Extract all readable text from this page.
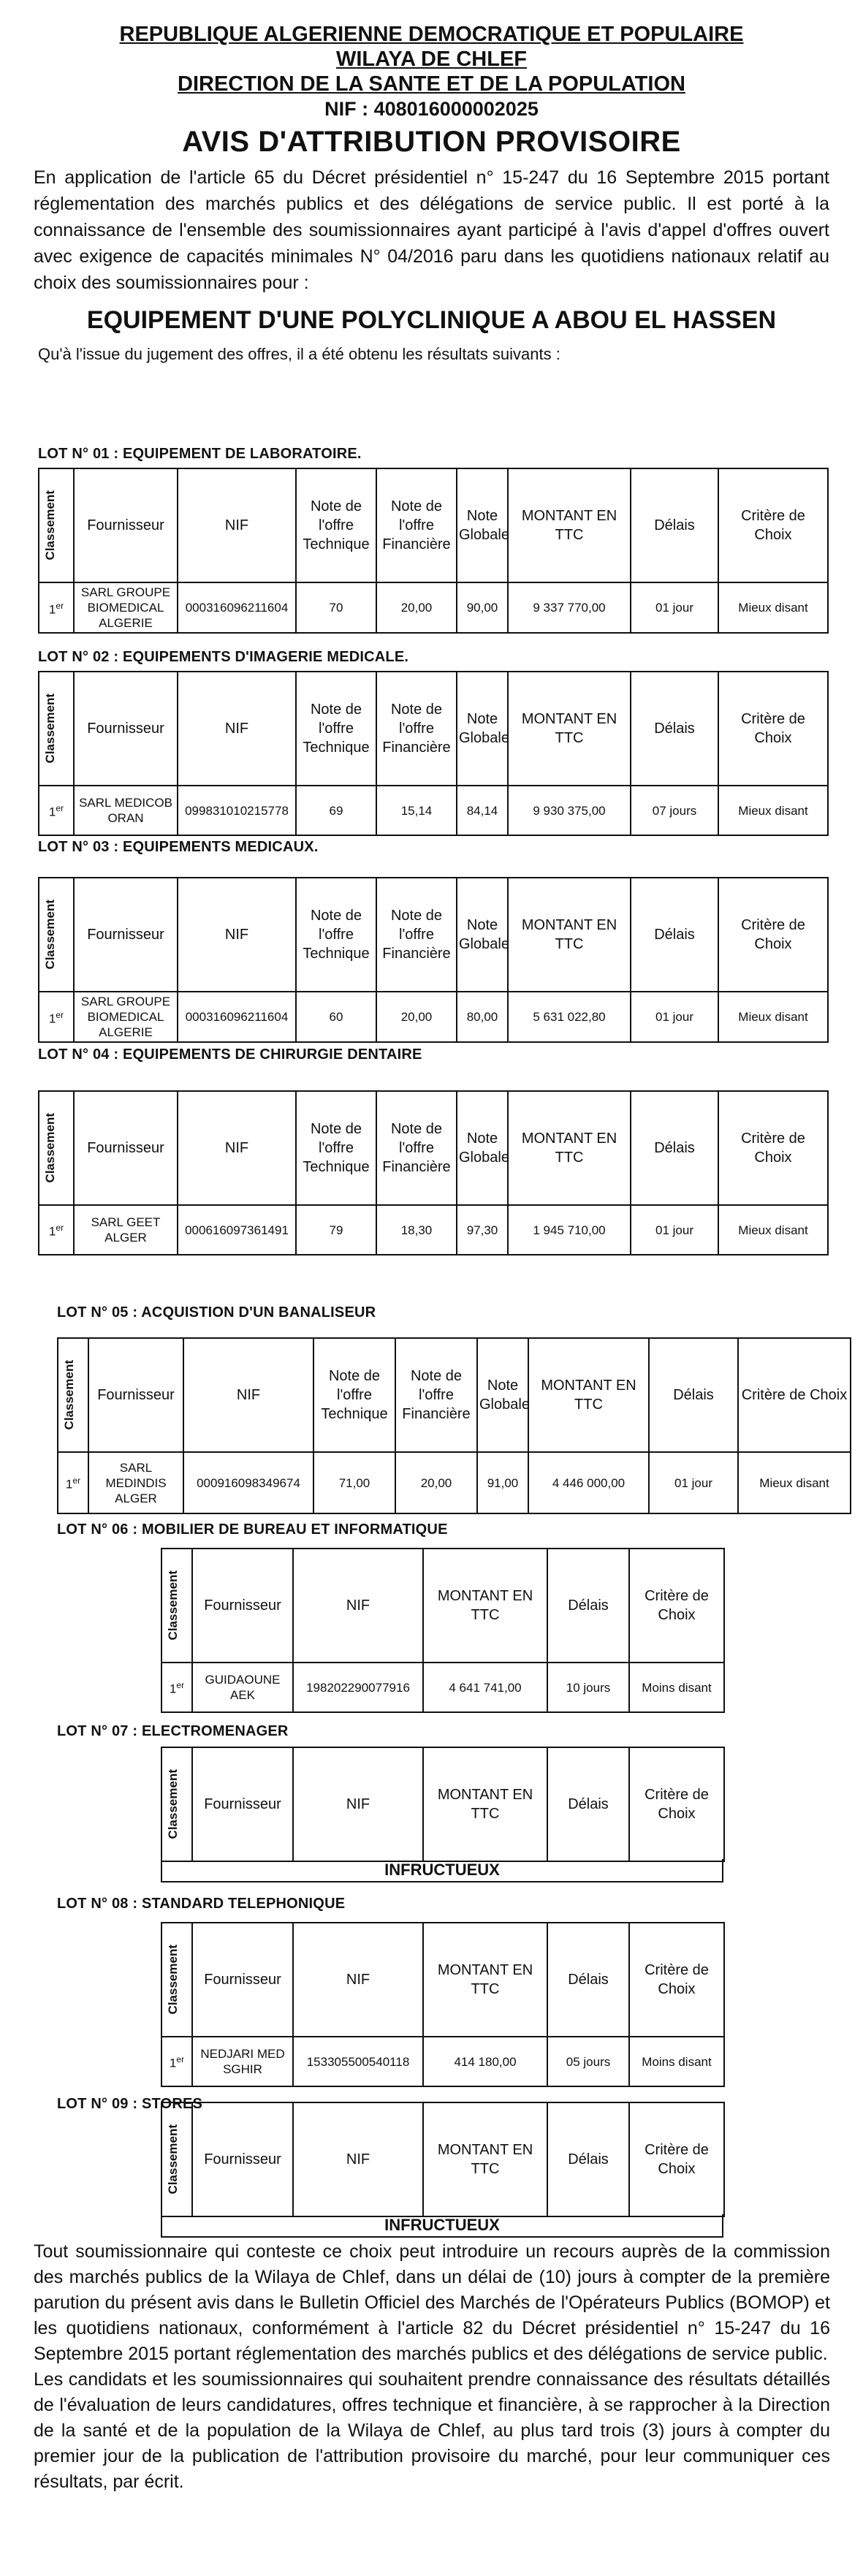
REPUBLIQUE ALGERIENNE DEMOCRATIQUE ET POPULAIRE
WILAYA DE CHLEF
DIRECTION DE LA SANTE ET DE LA POPULATION
NIF : 408016000002025
AVIS D'ATTRIBUTION PROVISOIRE
En application de l'article 65 du Décret présidentiel n° 15-247 du 16 Septembre 2015 portant réglementation des marchés publics et des délégations de service public. Il est porté à la connaissance de l'ensemble des soumissionnaires ayant participé à l'avis d'appel d'offres ouvert avec exigence de capacités minimales N° 04/2016 paru dans les quotidiens nationaux relatif au choix des soumissionnaires pour :
EQUIPEMENT D'UNE POLYCLINIQUE A ABOU EL HASSEN
Qu'à l'issue du jugement des offres, il a été obtenu les résultats suivants :
LOT N° 01 : EQUIPEMENT DE LABORATOIRE.
Classement	Fournisseur	NIF	Note de l'offre Technique	Note de l'offre Financière	Note Globale	MONTANT EN TTC	Délais	Critère de Choix
1er	SARL GROUPE BIOMEDICAL ALGERIE	000316096211604	70	20,00	90,00	9 337 770,00	01 jour	Mieux disant
LOT N° 02 : EQUIPEMENTS D'IMAGERIE MEDICALE.
Classement	Fournisseur	NIF	Note de l'offre Technique	Note de l'offre Financière	Note Globale	MONTANT EN TTC	Délais	Critère de Choix
1er	SARL MEDICOB ORAN	099831010215778	69	15,14	84,14	9 930 375,00	07 jours	Mieux disant
LOT N° 03 : EQUIPEMENTS MEDICAUX.
Classement	Fournisseur	NIF	Note de l'offre Technique	Note de l'offre Financière	Note Globale	MONTANT EN TTC	Délais	Critère de Choix
1er	SARL GROUPE BIOMEDICAL ALGERIE	000316096211604	60	20,00	80,00	5 631 022,80	01 jour	Mieux disant
LOT N° 04 : EQUIPEMENTS DE CHIRURGIE DENTAIRE
Classement	Fournisseur	NIF	Note de l'offre Technique	Note de l'offre Financière	Note Globale	MONTANT EN TTC	Délais	Critère de Choix
1er	SARL GEET ALGER	000616097361491	79	18,30	97,30	1 945 710,00	01 jour	Mieux disant
LOT N° 05 : ACQUISTION D'UN BANALISEUR
Classement	Fournisseur	NIF	Note de l'offre Technique	Note de l'offre Financière	Note Globale	MONTANT EN TTC	Délais	Critère de Choix
1er	SARL MEDINDIS ALGER	000916098349674	71,00	20,00	91,00	4 446 000,00	01 jour	Mieux disant
LOT N° 06 : MOBILIER DE BUREAU ET INFORMATIQUE
Classement	Fournisseur	NIF	MONTANT EN TTC	Délais	Critère de Choix
1er	GUIDAOUNE AEK	198202290077916	4 641 741,00	10 jours	Moins disant
LOT N° 07 : ELECTROMENAGER
Classement	Fournisseur	NIF	MONTANT EN TTC	Délais	Critère de Choix
INFRUCTUEUX
LOT N° 08 : STANDARD TELEPHONIQUE
Classement	Fournisseur	NIF	MONTANT EN TTC	Délais	Critère de Choix
1er	NEDJARI MED SGHIR	153305500540118	414 180,00	05 jours	Moins disant
LOT N° 09 : STORES
Classement	Fournisseur	NIF	MONTANT EN TTC	Délais	Critère de Choix
INFRUCTUEUX

Tout soumissionnaire qui conteste ce choix peut introduire un recours auprès de la commission des marchés publics de la Wilaya de Chlef, dans un délai de (10) jours à compter de la première parution du présent avis dans le Bulletin Officiel des Marchés de l'Opérateurs Publics (BOMOP) et les quotidiens nationaux, conformément à l'article 82 du Décret présidentiel n° 15-247 du 16 Septembre 2015 portant réglementation des marchés publics et des délégations de service public.

Les candidats et les soumissionnaires qui souhaitent prendre connaissance des résultats détaillés de l'évaluation de leurs candidatures, offres technique et financière, à se rapprocher à la Direction de la santé et de la population de la Wilaya de Chlef, au plus tard trois (3) jours à compter du premier jour de la publication de l'attribution provisoire du marché, pour leur communiquer ces résultats, par écrit.
